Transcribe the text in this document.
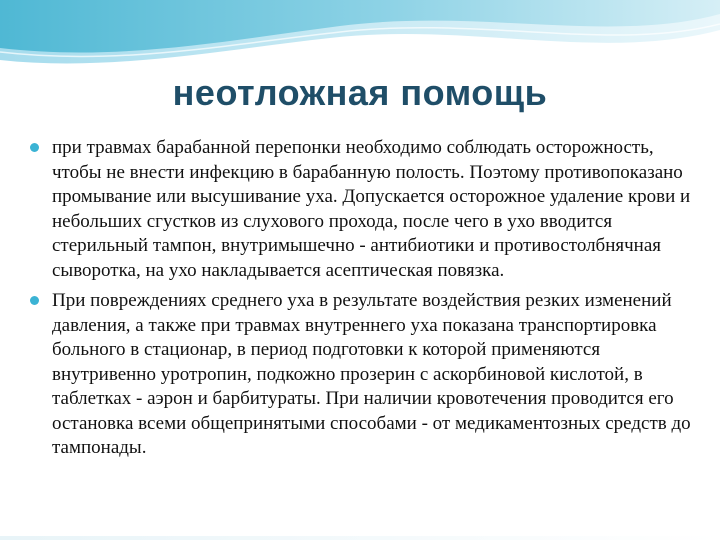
неотложная помощь
при травмах барабанной перепонки необходимо соблюдать осторожность, чтобы не внести инфекцию в барабанную полость. Поэтому противопоказано промывание или высушивание уха. Допускается осторожное удаление крови и небольших сгустков из слухового прохода, после чего в ухо вводится стерильный тампон, внутримышечно - антибиотики и противостолбнячная сыворотка, на ухо накладывается асептическая повязка.
При повреждениях среднего уха в результате воздействия резких изменений давления, а также при травмах внутреннего уха показана транспортировка больного в стационар, в период подготовки к которой применяются внутривенно уротропин, подкожно прозерин с аскорбиновой кислотой, в таблетках - аэрон и барбитураты. При наличии кровотечения проводится его остановка всеми общепринятыми способами - от медикаментозных средств до тампонады.
